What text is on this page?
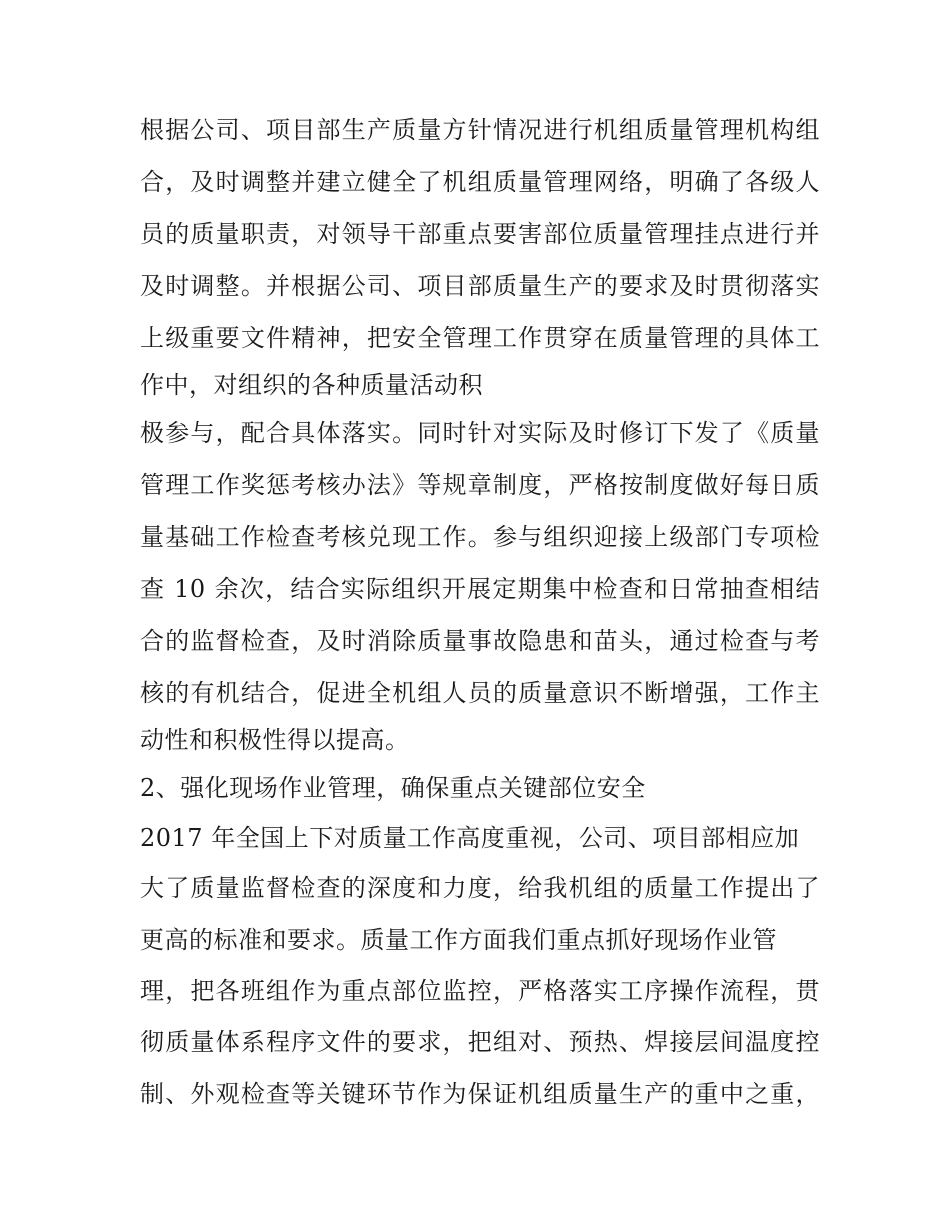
根据公司、项目部生产质量方针情况进行机组质量管理机构组
合，及时调整并建立健全了机组质量管理网络，明确了各级人
员的质量职责，对领导干部重点要害部位质量管理挂点进行并
及时调整。并根据公司、项目部质量生产的要求及时贯彻落实
上级重要文件精神，把安全管理工作贯穿在质量管理的具体工
作中，对组织的各种质量活动积
极参与，配合具体落实。同时针对实际及时修订下发了《质量
管理工作奖惩考核办法》等规章制度，严格按制度做好每日质
量基础工作检查考核兑现工作。参与组织迎接上级部门专项检
查 10 余次，结合实际组织开展定期集中检查和日常抽查相结
合的监督检查，及时消除质量事故隐患和苗头，通过检查与考
核的有机结合，促进全机组人员的质量意识不断增强，工作主
动性和积极性得以提高。
2、强化现场作业管理，确保重点关键部位安全
2017 年全国上下对质量工作高度重视，公司、项目部相应加
大了质量监督检查的深度和力度，给我机组的质量工作提出了
更高的标准和要求。质量工作方面我们重点抓好现场作业管
理，把各班组作为重点部位监控，严格落实工序操作流程，贯
彻质量体系程序文件的要求，把组对、预热、焊接层间温度控
制、外观检查等关键环节作为保证机组质量生产的重中之重，
